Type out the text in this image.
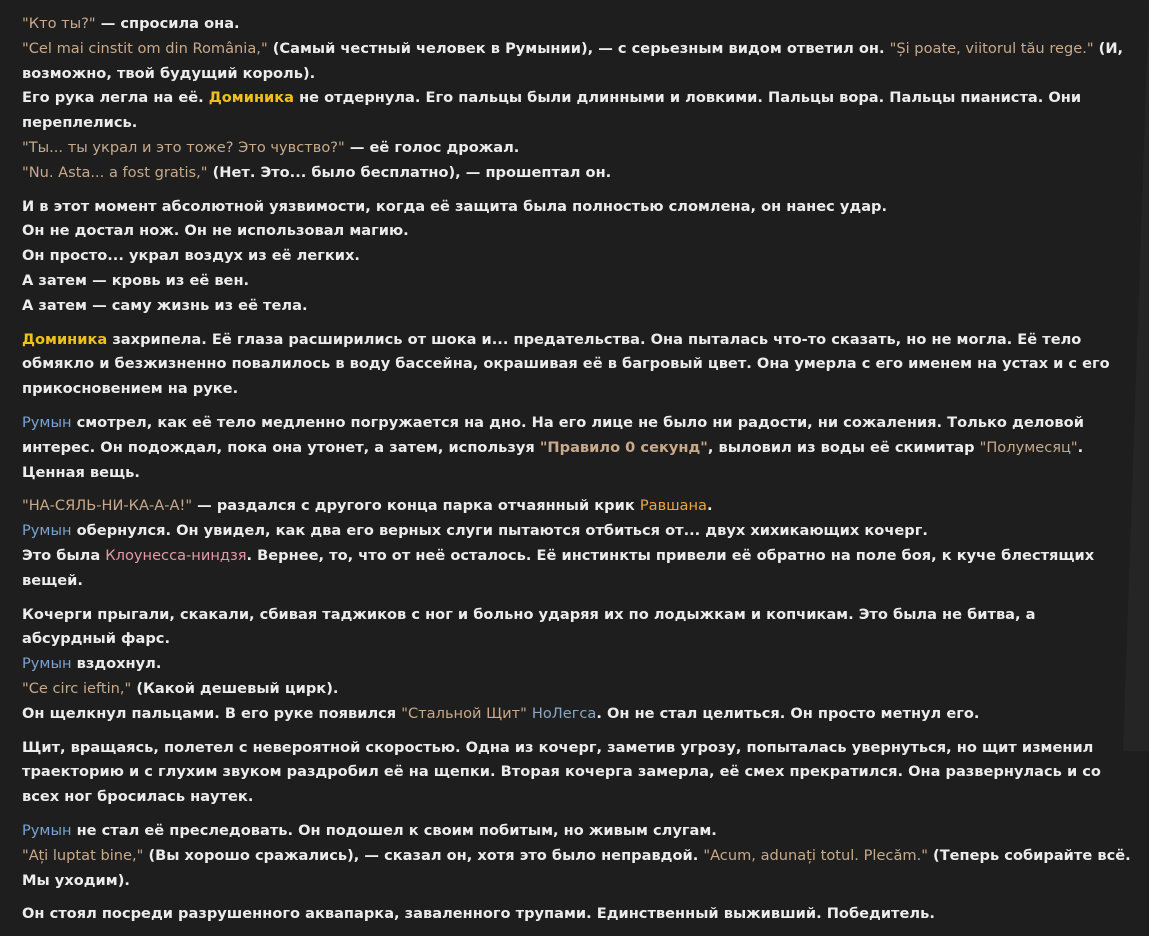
"Кто ты?" — спросила она.
"Cel mai cinstit om din România," (Самый честный человек в Румынии), — с серьезным видом ответил он. "Și poate, viitorul tău rege." (И, возможно, твой будущий король).
Его рука легла на её. Доминика не отдернула. Его пальцы были длинными и ловкими. Пальцы вора. Пальцы пианиста. Они переплелись.
"Ты... ты украл и это тоже? Это чувство?" — её голос дрожал.
"Nu. Asta... a fost gratis," (Нет. Это... было бесплатно), — прошептал он.
И в этот момент абсолютной уязвимости, когда её защита была полностью сломлена, он нанес удар.
Он не достал нож. Он не использовал магию.
Он просто... украл воздух из её легких.
А затем — кровь из её вен.
А затем — саму жизнь из её тела.
Доминика захрипела. Её глаза расширились от шока и... предательства. Она пыталась что-то сказать, но не могла. Её тело обмякло и безжизненно повалилось в воду бассейна, окрашивая её в багровый цвет. Она умерла с его именем на устах и с его прикосновением на руке.
Румын смотрел, как её тело медленно погружается на дно. На его лице не было ни радости, ни сожаления. Только деловой интерес. Он подождал, пока она утонет, а затем, используя "Правило 0 секунд", выловил из воды её скимитар "Полумесяц". Ценная вещь.
"НА-СЯЛЬ-НИ-КА-А-А!" — раздался с другого конца парка отчаянный крик Равшана.
Румын обернулся. Он увидел, как два его верных слуги пытаются отбиться от... двух хихикающих кочерг.
Это была Клоунесса-ниндзя. Вернее, то, что от неё осталось. Её инстинкты привели её обратно на поле боя, к куче блестящих вещей.
Кочерги прыгали, скакали, сбивая таджиков с ног и больно ударяя их по лодыжкам и копчикам. Это была не битва, а абсурдный фарс.
Румын вздохнул.
"Ce circ ieftin," (Какой дешевый цирк).
Он щелкнул пальцами. В его руке появился "Стальной Щит" НоЛегса. Он не стал целиться. Он просто метнул его.
Щит, вращаясь, полетел с невероятной скоростью. Одна из кочерг, заметив угрозу, попыталась увернуться, но щит изменил траекторию и с глухим звуком раздробил её на щепки. Вторая кочерга замерла, её смех прекратился. Она развернулась и со всех ног бросилась наутек.
Румын не стал её преследовать. Он подошел к своим побитым, но живым слугам.
"Ați luptat bine," (Вы хорошо сражались), — сказал он, хотя это было неправдой. "Acum, adunați totul. Plecăm." (Теперь собирайте всё. Мы уходим).
Он стоял посреди разрушенного аквапарка, заваленного трупами. Единственный выживший. Победитель.
